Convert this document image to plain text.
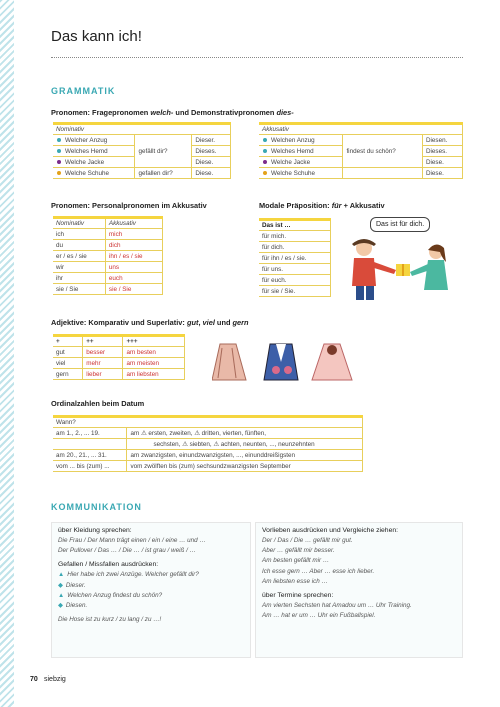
Das kann ich!
GRAMMATIK
Pronomen: Fragepronomen welch- und Demonstrativpronomen dies-
Nominativ		
Welcher Anzug	gefällt dir?	Dieser.
Welches Hemd		Dieses.
Welche Jacke		Diese.
Welche Schuhe	gefallen dir?	Diese.
Akkusativ		
Welchen Anzug	findest du schön?	Diesen.
Welches Hemd		Dieses.
Welche Jacke		Diese.
Welche Schuhe		Diese.
Pronomen: Personalpronomen im Akkusativ
Nominativ	Akkusativ
ich	mich
du	dich
er / es / sie	ihn / es / sie
wir	uns
ihr	euch
sie / Sie	sie / Sie
Modale Präposition: für + Akkusativ
Das ist …
für mich.
für dich.
für ihn / es / sie.
für uns.
für euch.
für sie / Sie.
Das ist für dich.
Adjektive: Komparativ und Superlativ: gut, viel und gern
+	++	+++
gut	besser	am besten
viel	mehr	am meisten
gern	lieber	am liebsten
Ordinalzahlen beim Datum
Wann?	
am 1., 2., ... 19.	am ⚠ ersten, zweiten, ⚠ dritten, vierten, fünften,
	sechsten, ⚠ siebten, ⚠ achten, neunten, ..., neunzehnten
am 20., 21., ... 31.	am zwanzigsten, einundzwanzigsten, ..., einunddreißigsten
vom ... bis (zum) ...	vom zwölften bis (zum) sechsundzwanzigsten September
KOMMUNIKATION
über Kleidung sprechen:
Die Frau / Der Mann trägt einen / ein / eine … und …
Der Pullover / Das … / Die … / ist grau / weiß / …
Gefallen / Missfallen ausdrücken:
▲ Hier habe ich zwei Anzüge. Welcher gefällt dir?
◆ Dieser.
▲ Welchen Anzug findest du schön?
◆ Diesen.
Die Hose ist zu kurz / zu lang / zu …!
Vorlieben ausdrücken und Vergleiche ziehen:
Der / Das / Die … gefällt mir gut.
Aber … gefällt mir besser.
Am besten gefällt mir …
Ich esse gern … Aber … esse ich lieber.
Am liebsten esse ich …
über Termine sprechen:
Am vierten Sechsten hat Amadou um … Uhr Training.
Am … hat er um … Uhr ein Fußballspiel.
70 siebzig
